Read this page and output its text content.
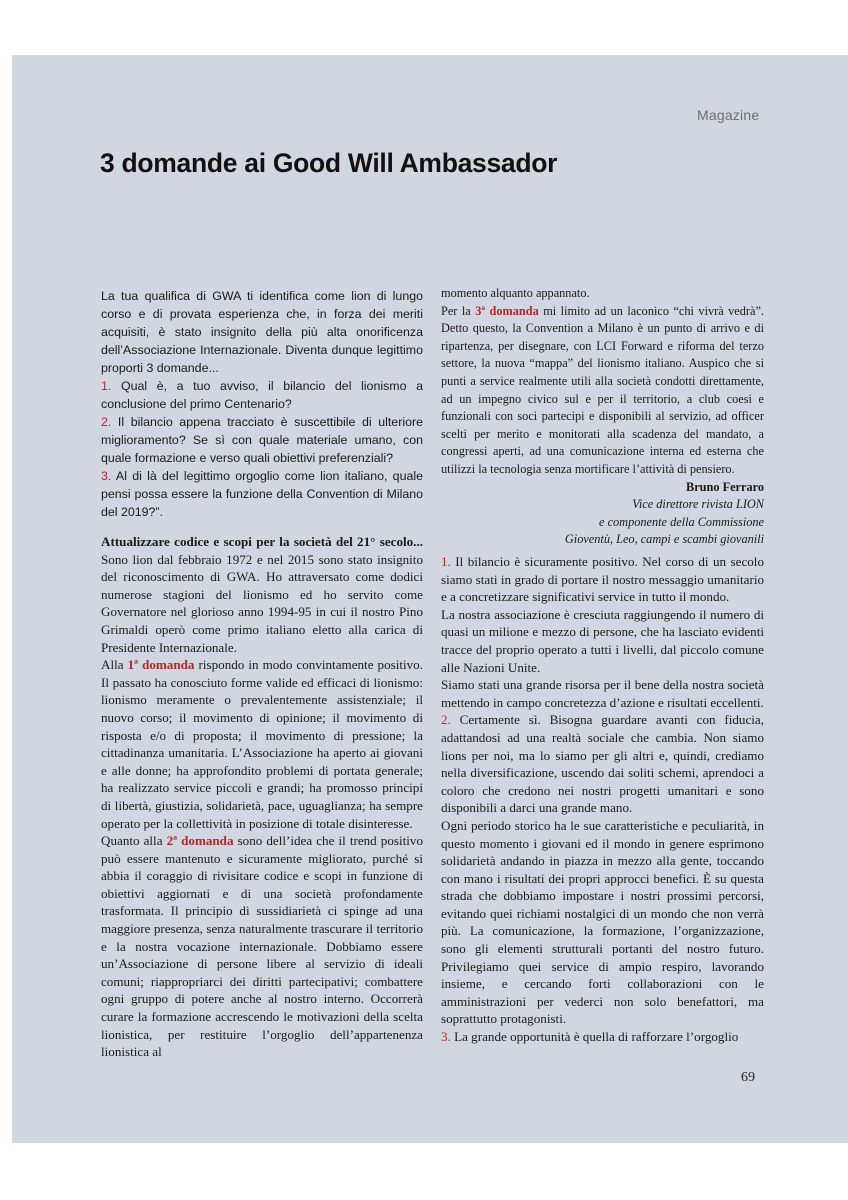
Magazine
3 domande ai Good Will Ambassador

La tua qualifica di GWA ti identifica come lion di lungo corso e di provata esperienza che, in forza dei meriti acquisiti, è stato insignito della più alta onorificenza dell’Associazione Internazionale. Diventa dunque legittimo proporti 3 domande...

1. Qual è, a tuo avviso, il bilancio del lionismo a conclusione del primo Centenario?

2. Il bilancio appena tracciato è suscettibile di ulteriore miglioramento? Se sì con quale materiale umano, con quale formazione e verso quali obiettivi preferenziali?

3. Al di là del legittimo orgoglio come lion italiano, quale pensi possa essere la funzione della Convention di Milano del 2019?”.

Attualizzare codice e scopi per la società del 21° secolo... Sono lion dal febbraio 1972 e nel 2015 sono stato insignito del riconoscimento di GWA. Ho attraversato come dodici numerose stagioni del lionismo ed ho servito come Governatore nel glorioso anno 1994-95 in cui il nostro Pino Grimaldi operò come primo italiano eletto alla carica di Presidente Internazionale.

Alla 1ª domanda rispondo in modo convintamente positivo. Il passato ha conosciuto forme valide ed efficaci di lionismo: lionismo meramente o prevalentemente assistenziale; il nuovo corso; il movimento di opinione; il movimento di risposta e/o di proposta; il movimento di pressione; la cittadinanza umanitaria. L’Associazione ha aperto ai giovani e alle donne; ha approfondito problemi di portata generale; ha realizzato service piccoli e grandi; ha promosso principi di libertà, giustizia, solidarietà, pace, uguaglianza; ha sempre operato per la collettività in posizione di totale disinteresse.

Quanto alla 2ª domanda sono dell’idea che il trend positivo può essere mantenuto e sicuramente migliorato, purché si abbia il coraggio di rivisitare codice e scopi in funzione di obiettivi aggiornati e di una società profondamente trasformata. Il principio di sussidiarietà ci spinge ad una maggiore presenza, senza naturalmente trascurare il territorio e la nostra vocazione internazionale. Dobbiamo essere un’Associazione di persone libere al servizio di ideali comuni; riappropriarci dei diritti partecipativi; combattere ogni gruppo di potere anche al nostro interno. Occorrerà curare la formazione accrescendo le motivazioni della scelta lionistica, per restituire l’orgoglio dell’appartenenza lionistica al

momento alquanto appannato.

Per la 3ª domanda mi limito ad un laconico “chi vivrà vedrà”. Detto questo, la Convention a Milano è un punto di arrivo e di ripartenza, per disegnare, con LCI Forward e riforma del terzo settore, la nuova “mappa” del lionismo italiano. Auspico che si punti a service realmente utili alla società condotti direttamente, ad un impegno civico sul e per il territorio, a club coesi e funzionali con soci partecipi e disponibili al servizio, ad officer scelti per merito e monitorati alla scadenza del mandato, a congressi aperti, ad una comunicazione interna ed esterna che utilizzi la tecnologia senza mortificare l’attività di pensiero.

Bruno Ferraro

Vice direttore rivista LION

e componente della Commissione

Gioventù, Leo, campi e scambi giovanili

1. Il bilancio è sicuramente positivo. Nel corso di un secolo siamo stati in grado di portare il nostro messaggio umanitario e a concretizzare significativi service in tutto il mondo.

La nostra associazione è cresciuta raggiungendo il numero di quasi un milione e mezzo di persone, che ha lasciato evidenti tracce del proprio operato a tutti i livelli, dal piccolo comune alle Nazioni Unite.

Siamo stati una grande risorsa per il bene della nostra società mettendo in campo concretezza d’azione e risultati eccellenti.

2. Certamente sì. Bisogna guardare avanti con fiducia, adattandosi ad una realtà sociale che cambia. Non siamo lions per noi, ma lo siamo per gli altri e, quindi, crediamo nella diversificazione, uscendo dai soliti schemi, aprendoci a coloro che credono nei nostri progetti umanitari e sono disponibili a darci una grande mano.

Ogni periodo storico ha le sue caratteristiche e peculiarità, in questo momento i giovani ed il mondo in genere esprimono solidarietà andando in piazza in mezzo alla gente, toccando con mano i risultati dei propri approcci benefici. È su questa strada che dobbiamo impostare i nostri prossimi percorsi, evitando quei richiami nostalgici di un mondo che non verrà più. La comunicazione, la formazione, l’organizzazione, sono gli elementi strutturali portanti del nostro futuro. Privilegiamo quei service di ampio respiro, lavorando insieme, e cercando forti collaborazioni con le amministrazioni per vederci non solo benefattori, ma soprattutto protagonisti.

3. La grande opportunità è quella di rafforzare l’orgoglio

69
